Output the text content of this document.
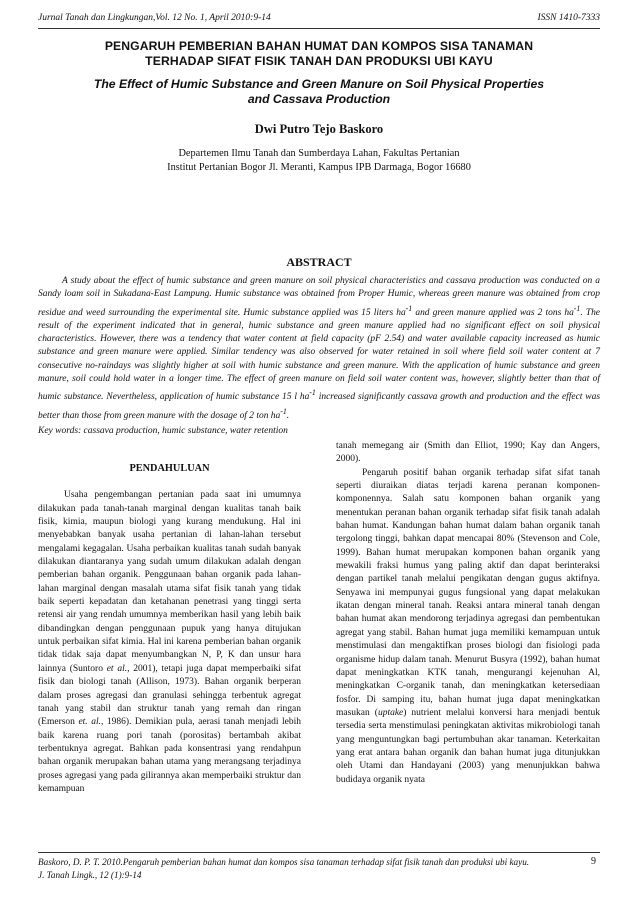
Jurnal Tanah dan Lingkungan,Vol. 12 No. 1, April 2010:9-14	ISSN 1410-7333
PENGARUH PEMBERIAN BAHAN HUMAT DAN KOMPOS SISA TANAMAN
TERHADAP SIFAT FISIK TANAH DAN PRODUKSI UBI KAYU
The Effect of Humic Substance and Green Manure on Soil Physical Properties
and Cassava Production
Dwi Putro Tejo Baskoro
Departemen Ilmu Tanah dan Sumberdaya Lahan, Fakultas Pertanian
Institut Pertanian Bogor Jl. Meranti, Kampus IPB Darmaga, Bogor 16680
ABSTRACT
A study about the effect of humic substance and green manure on soil physical characteristics and cassava production was conducted on a Sandy loam soil in Sukadana-East Lampung. Humic substance was obtained from Proper Humic, whereas green manure was obtained from crop residue and weed surrounding the experimental site. Humic substance applied was 15 liters $ha^{-1}$ and green manure applied was 2 tons $ha^{-1}$. The result of the experiment indicated that in general, humic substance and green manure applied had no significant effect on soil physical characteristics. However, there was a tendency that water content at field capacity (pF 2.54) and water available capacity increased as humic substance and green manure were applied. Similar tendency was also observed for water retained in soil where field soil water content at 7 consecutive no-raindays was slightly higher at soil with humic substance and green manure. With the application of humic substance and green manure, soil could hold water in a longer time. The effect of green manure on field soil water content was, however, slightly better than that of humic substance. Nevertheless, application of humic substance 15 l $ha^{-1}$ increased significantly cassava growth and production and the effect was better than those from green manure with the dosage of 2 ton $ha^{-1}$.
Key words: cassava production, humic substance, water retention
PENDAHULUAN

Usaha pengembangan pertanian pada saat ini umumnya dilakukan pada tanah-tanah marginal dengan kualitas tanah baik fisik, kimia, maupun biologi yang kurang mendukung. Hal ini menyebabkan banyak usaha pertanian di lahan-lahan tersebut mengalami kegagalan. Usaha perbaikan kualitas tanah sudah banyak dilakukan diantaranya yang sudah umum dilakukan adalah dengan pemberian bahan organik. Penggunaan bahan organik pada lahan-lahan marginal dengan masalah utama sifat fisik tanah yang tidak baik seperti kepadatan dan ketahanan penetrasi yang tinggi serta retensi air yang rendah umumnya memberikan hasil yang lebih baik dibandingkan dengan penggunaan pupuk yang hanya ditujukan untuk perbaikan sifat kimia. Hal ini karena pemberian bahan organik tidak tidak saja dapat menyumbangkan N, P, K dan unsur hara lainnya (Suntoro et al., 2001), tetapi juga dapat memperbaiki sifat fisik dan biologi tanah (Allison, 1973). Bahan organik berperan dalam proses agregasi dan granulasi sehingga terbentuk agregat tanah yang stabil dan struktur tanah yang remah dan ringan (Emerson et. al., 1986). Demikian pula, aerasi tanah menjadi lebih baik karena ruang pori tanah (porositas) bertambah akibat terbentuknya agregat. Bahkan pada konsentrasi yang rendahpun bahan organik merupakan bahan utama yang merangsang terjadinya proses agregasi yang pada gilirannya akan memperbaiki struktur dan kemampuan

tanah memegang air (Smith dan Elliot, 1990; Kay dan Angers, 2000).

Pengaruh positif bahan organik terhadap sifat sifat tanah seperti diuraikan diatas terjadi karena peranan komponen-komponennya. Salah satu komponen bahan organik yang menentukan peranan bahan organik terhadap sifat fisik tanah adalah bahan humat. Kandungan bahan humat dalam bahan organik tanah tergolong tinggi, bahkan dapat mencapai 80% (Stevenson and Cole, 1999). Bahan humat merupakan komponen bahan organik yang mewakili fraksi humus yang paling aktif dan dapat berinteraksi dengan partikel tanah melalui pengikatan dengan gugus aktifnya. Senyawa ini mempunyai gugus fungsional yang dapat melakukan ikatan dengan mineral tanah. Reaksi antara mineral tanah dengan bahan humat akan mendorong terjadinya agregasi dan pembentukan agregat yang stabil. Bahan humat juga memiliki kemampuan untuk menstimulasi dan mengaktifkan proses biologi dan fisiologi pada organisme hidup dalam tanah. Menurut Busyra (1992), bahan humat dapat meningkatkan KTK tanah, mengurangi kejenuhan Al, meningkatkan C-organik tanah, dan meningkatkan ketersediaan fosfor. Di samping itu, bahan humat juga dapat meningkatkan masukan (uptake) nutrient melalui konversi hara menjadi bentuk tersedia serta menstimulasi peningkatan aktivitas mikrobiologi tanah yang menguntungkan bagi pertumbuhan akar tanaman. Keterkaitan yang erat antara bahan organik dan bahan humat juga ditunjukkan oleh Utami dan Handayani (2003) yang menunjukkan bahwa budidaya organik nyata

Baskoro, D. P. T. 2010.Pengaruh pemberian bahan humat dan kompos sisa tanaman terhadap sifat fisik tanah dan produksi ubi kayu.
J. Tanah Lingk., 12 (1):9-14
9
